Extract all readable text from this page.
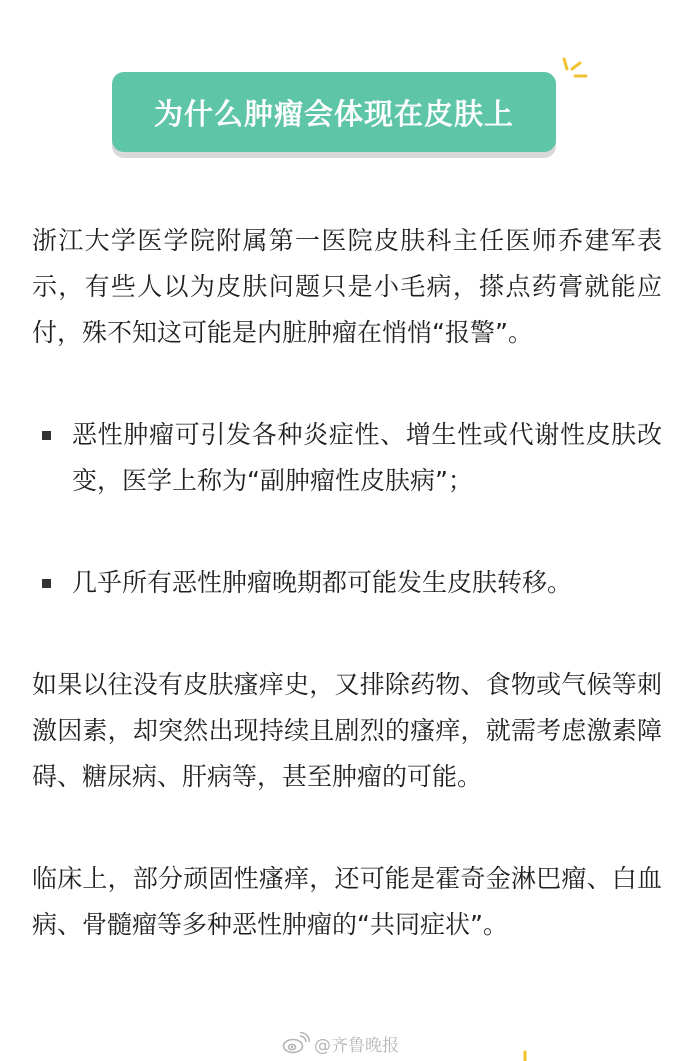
为什么肿瘤会体现在皮肤上

浙江大学医学院附属第一医院皮肤科主任医师乔建军表示，有些人以为皮肤问题只是小毛病，搽点药膏就能应付，殊不知这可能是内脏肿瘤在悄悄“报警”。

恶性肿瘤可引发各种炎症性、增生性或代谢性皮肤改变，医学上称为“副肿瘤性皮肤病”；
几乎所有恶性肿瘤晚期都可能发生皮肤转移。

如果以往没有皮肤瘙痒史，又排除药物、食物或气候等刺激因素，却突然出现持续且剧烈的瘙痒，就需考虑激素障碍、糖尿病、肝病等，甚至肿瘤的可能。

临床上，部分顽固性瘙痒，还可能是霍奇金淋巴瘤、白血病、骨髓瘤等多种恶性肿瘤的“共同症状”。

@齐鲁晚报
